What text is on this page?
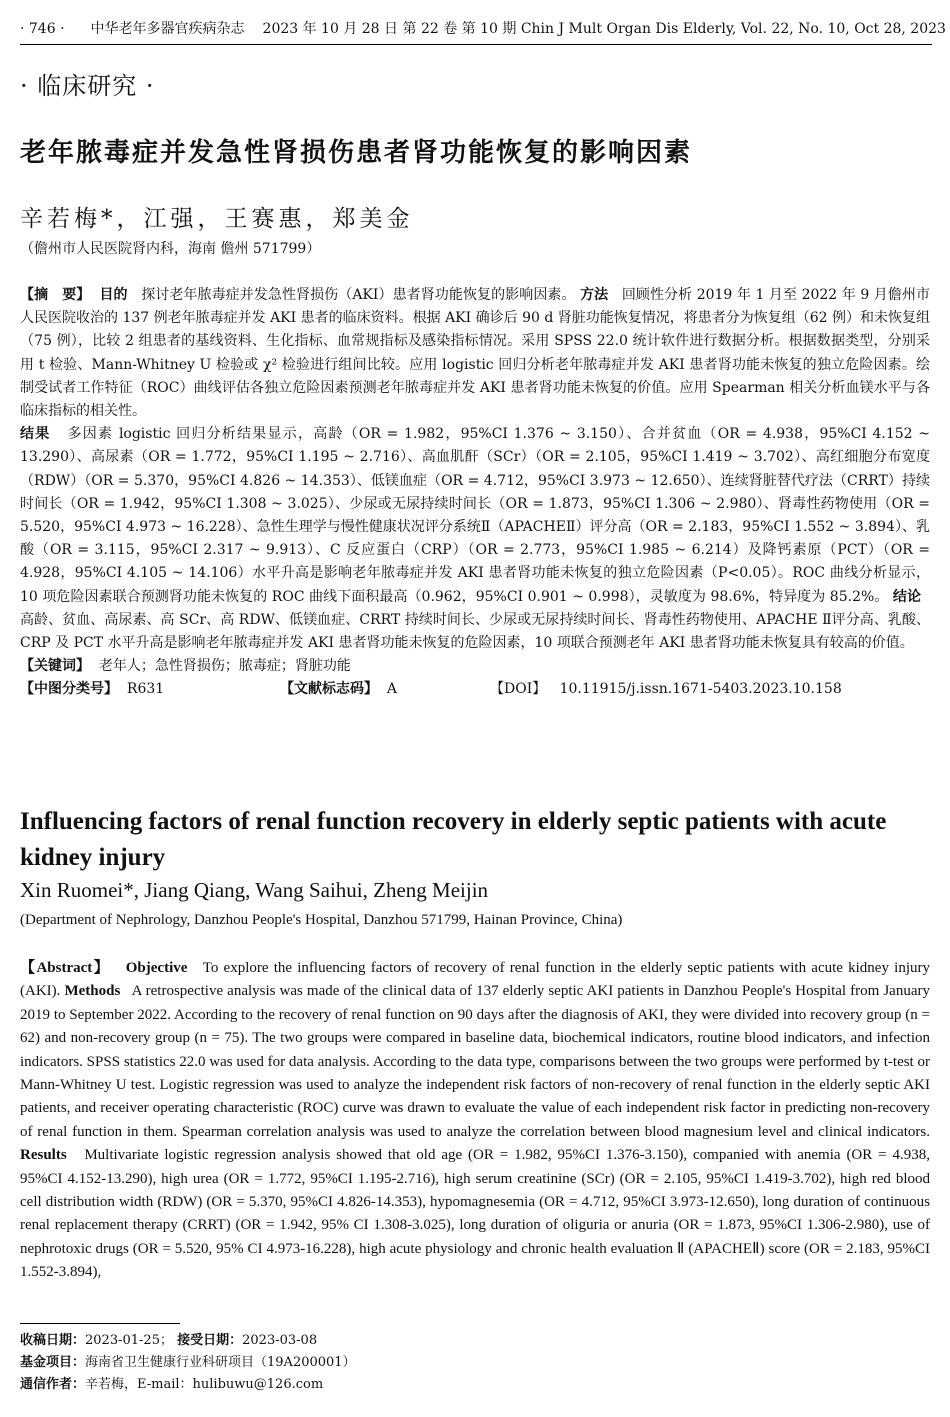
· 746 · 中华老年多器官疾病杂志 2023 年 10 月 28 日 第 22 卷 第 10 期 Chin J Mult Organ Dis Elderly, Vol. 22, No. 10, Oct 28, 2023
· 临床研究 ·
老年脓毒症并发急性肾损伤患者肾功能恢复的影响因素
辛若梅*，江强，王赛惠，郑美金
（儋州市人民医院肾内科，海南 儋州 571799）

【摘　要】 目的 探讨老年脓毒症并发急性肾损伤（AKI）患者肾功能恢复的影响因素。 方法 回顾性分析 2019 年 1 月至 2022 年 9 月儋州市人民医院收治的 137 例老年脓毒症并发 AKI 患者的临床资料。根据 AKI 确诊后 90 d 肾脏功能恢复情况，将患者分为恢复组（62 例）和未恢复组（75 例），比较 2 组患者的基线资料、生化指标、血常规指标及感染指标情况。采用 SPSS 22.0 统计软件进行数据分析。根据数据类型，分别采用 t 检验、Mann-Whitney U 检验或 χ² 检验进行组间比较。应用 logistic 回归分析老年脓毒症并发 AKI 患者肾功能未恢复的独立危险因素。绘制受试者工作特征（ROC）曲线评估各独立危险因素预测老年脓毒症并发 AKI 患者肾功能未恢复的价值。应用 Spearman 相关分析血镁水平与各临床指标的相关性。

结果 多因素 logistic 回归分析结果显示，高龄（OR = 1.982，95%CI 1.376 ~ 3.150）、合并贫血（OR = 4.938，95%CI 4.152 ~ 13.290）、高尿素（OR = 1.772，95%CI 1.195 ~ 2.716）、高血肌酐（SCr）（OR = 2.105，95%CI 1.419 ~ 3.702）、高红细胞分布宽度（RDW）（OR = 5.370，95%CI 4.826 ~ 14.353）、低镁血症（OR = 4.712，95%CI 3.973 ~ 12.650）、连续肾脏替代疗法（CRRT）持续时间长（OR = 1.942，95%CI 1.308 ~ 3.025）、少尿或无尿持续时间长（OR = 1.873，95%CI 1.306 ~ 2.980）、肾毒性药物使用（OR = 5.520，95%CI 4.973 ~ 16.228）、急性生理学与慢性健康状况评分系统Ⅱ（APACHEⅡ）评分高（OR = 2.183，95%CI 1.552 ~ 3.894）、乳酸（OR = 3.115，95%CI 2.317 ~ 9.913）、C 反应蛋白（CRP）（OR = 2.773，95%CI 1.985 ~ 6.214）及降钙素原（PCT）（OR = 4.928，95%CI 4.105 ~ 14.106）水平升高是影响老年脓毒症并发 AKI 患者肾功能未恢复的独立危险因素（P<0.05）。ROC 曲线分析显示，10 项危险因素联合预测肾功能未恢复的 ROC 曲线下面积最高（0.962，95%CI 0.901 ~ 0.998），灵敏度为 98.6%，特异度为 85.2%。 结论   高龄、贫血、高尿素、高 SCr、高 RDW、低镁血症、CRRT 持续时间长、少尿或无尿持续时间长、肾毒性药物使用、APACHE Ⅱ评分高、乳酸、CRP 及 PCT 水平升高是影响老年脓毒症并发 AKI 患者肾功能未恢复的危险因素，10 项联合预测老年 AKI 患者肾功能未恢复具有较高的价值。

【关键词】 老年人；急性肾损伤；脓毒症；肾脏功能

【中图分类号】 R631	【文献标志码】 A	【DOI】 10.11915/j.issn.1671-5403.2023.10.158
Influencing factors of renal function recovery in elderly septic patients with acute kidney injury
Xin Ruomei*, Jiang Qiang, Wang Saihui, Zheng Meijin
(Department of Nephrology, Danzhou People's Hospital, Danzhou 571799, Hainan Province, China)
【Abstract】 Objective To explore the influencing factors of recovery of renal function in the elderly septic patients with acute kidney injury (AKI). Methods A retrospective analysis was made of the clinical data of 137 elderly septic AKI patients in Danzhou People's Hospital from January 2019 to September 2022. According to the recovery of renal function on 90 days after the diagnosis of AKI, they were divided into recovery group (n = 62) and non-recovery group (n = 75). The two groups were compared in baseline data, biochemical indicators, routine blood indicators, and infection indicators. SPSS statistics 22.0 was used for data analysis. According to the data type, comparisons between the two groups were performed by t-test or Mann-Whitney U test. Logistic regression was used to analyze the independent risk factors of non-recovery of renal function in the elderly septic AKI patients, and receiver operating characteristic (ROC) curve was drawn to evaluate the value of each independent risk factor in predicting non-recovery of renal function in them. Spearman correlation analysis was used to analyze the correlation between blood magnesium level and clinical indicators. Results Multivariate logistic regression analysis showed that old age (OR = 1.982, 95%CI 1.376-3.150), companied with anemia (OR = 4.938, 95%CI 4.152-13.290), high urea (OR = 1.772, 95%CI 1.195-2.716), high serum creatinine (SCr) (OR = 2.105, 95%CI 1.419-3.702), high red blood cell distribution width (RDW) (OR = 5.370, 95%CI 4.826-14.353), hypomagnesemia (OR = 4.712, 95%CI 3.973-12.650), long duration of continuous renal replacement therapy (CRRT) (OR = 1.942, 95% CI 1.308-3.025), long duration of oliguria or anuria (OR = 1.873, 95%CI 1.306-2.980), use of nephrotoxic drugs (OR = 5.520, 95% CI 4.973-16.228), high acute physiology and chronic health evaluation Ⅱ (APACHEⅡ) score (OR = 2.183, 95%CI 1.552-3.894),
收稿日期：2023-01-25； 接受日期：2023-03-08
基金项目：海南省卫生健康行业科研项目（19A200001）
通信作者：辛若梅，E-mail：hulibuwu@126.com
